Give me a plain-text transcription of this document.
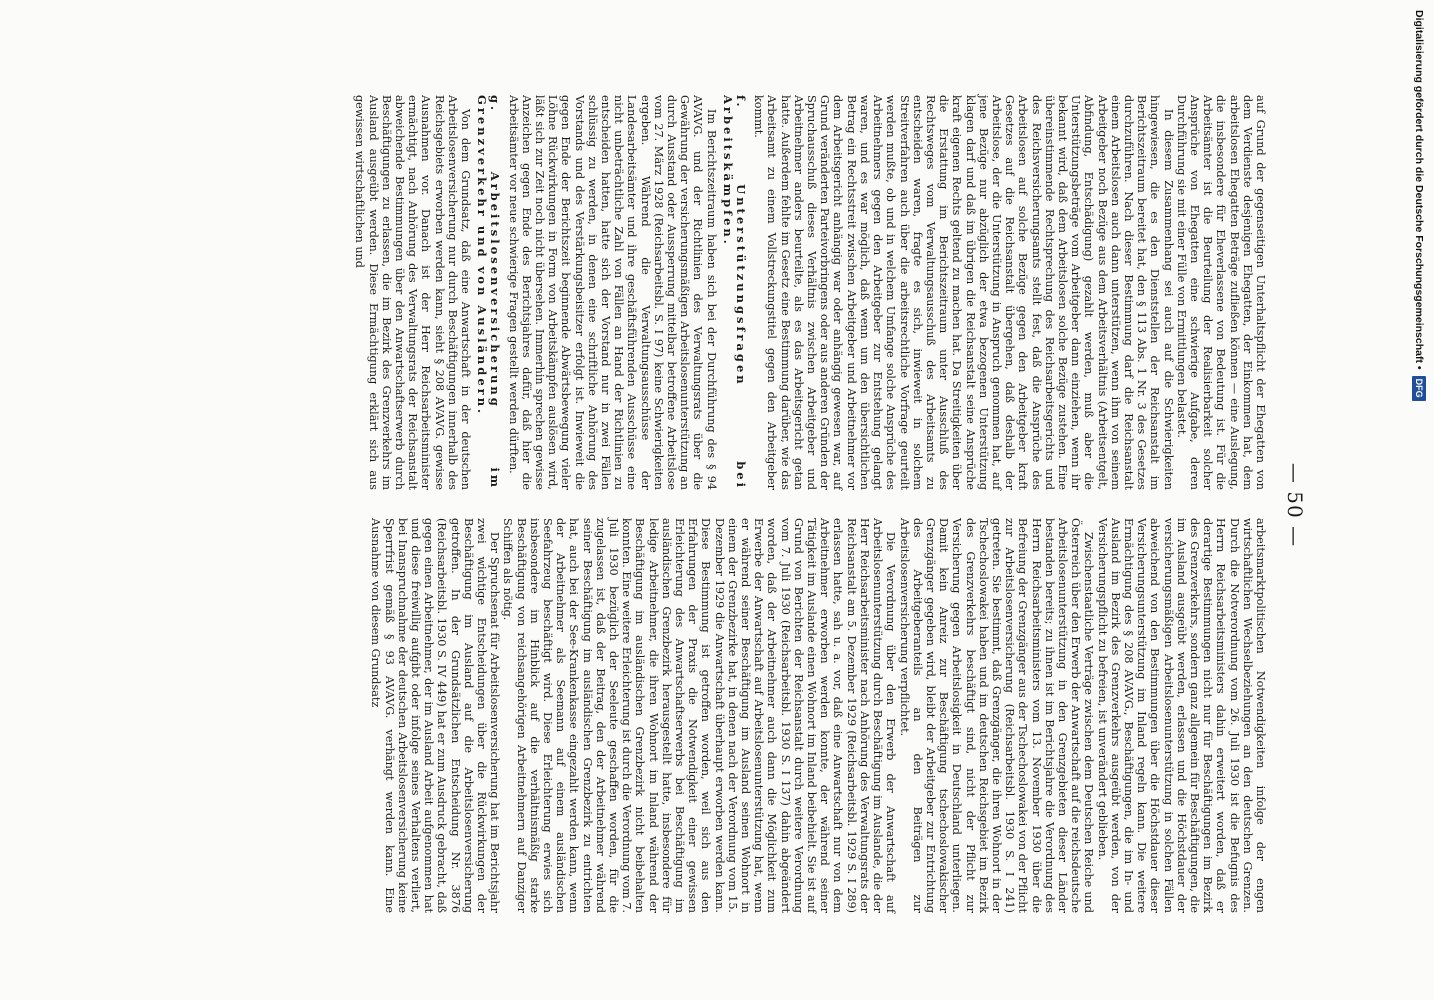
— 50 —

auf Grund der gegenseitigen Unterhaltspflicht der Ehegatten von dem Verdienste desjenigen Ehegatten, der Einkommen hat, dem arbeitslosen Ehegatten Beträge zufließen können — eine Auslegung, die insbesondere für Eheverlassene von Bedeutung ist. Für die Arbeitsämter ist die Beurteilung der Realisierbarkeit solcher Ansprüche von Ehegatten eine schwierige Aufgabe, deren Durchführung sie mit einer Fülle von Ermittlungen belastet.

In diesem Zusammenhang sei auch auf die Schwierigkeiten hingewiesen, die es den Dienststellen der Reichsanstalt im Berichtszeitraum bereitet hat, den § 113 Abs. 1 Nr. 3 des Gesetzes durchzuführen. Nach dieser Bestimmung darf die Reichsanstalt einem Arbeitslosen auch dann unterstützen, wenn ihm von seinem Arbeitgeber noch Bezüge aus dem Arbeitsverhältnis (Arbeitsentgelt, Abfindung, Entschädigung) gezahlt werden, muß aber die Unterstützungsbeträge vom Arbeitgeber dann einziehen, wenn ihr bekannt wird, daß dem Arbeitslosen solche Bezüge zustehen. Eine übereinstimmende Rechtsprechung des Reichsarbeitsgerichts und des Reichsversicherungsamts stellt fest, daß die Ansprüche des Arbeitslosen auf solche Bezüge gegen den Arbeitgeber kraft Gesetzes auf die Reichsanstalt übergehen, daß deshalb der Arbeitslose, der die Unterstützung in Anspruch genommen hat, auf jene Bezüge nur abzüglich der etwa bezogenen Unterstützung klagen darf und daß im übrigen die Reichsanstalt seine Ansprüche kraft eigenen Rechts geltend zu machen hat. Da Streitigkeiten über die Erstattung im Berichtszeitraum unter Ausschluß des Rechtsweges vom Verwaltungsausschuß des Arbeitsamts zu entscheiden waren, fragte es sich, inwieweit in solchem Streitverfahren auch über die arbeitsrechtliche Vorfrage geurteilt werden mußte, ob und in welchem Umfange solche Ansprüche des Arbeitnehmers gegen den Arbeitgeber zur Entstehung gelangt waren, und es war möglich, daß wenn um den übersichtlichen Betrag ein Rechtsstreit zwischen Arbeitgeber und Arbeitnehmer vor dem Arbeitsgericht anhängig war oder anhängig gewesen war, auf Grund veränderten Parteivorbringens oder aus anderen Gründen der Spruchausschuß dieses Verhältnis zwischen Arbeitgeber und Arbeitnehmer anders beurteilte, als es das Arbeitsgericht getan hatte. Außerdem fehlte im Gesetz eine Bestimmung darüber, wie das Arbeitsamt zu einem Vollstreckungstitel gegen den Arbeitgeber kommt.

f. Unterstützungsfragen bei Arbeitskämpfen.

Im Berichtszeitraum haben sich bei der Durchführung des § 94 AVAVG. und der Richtlinien des Verwaltungsrats über die Gewährung der versicherungsmäßigen Arbeitslosenunterstützung an durch Ausstand oder Aussperrung mittelbar betroffene Arbeitslose vom 27. März 1928 (Reichsarbeitsbl. S. I 97) keine Schwierigkeiten ergeben. Während die Verwaltungsausschüsse der Landesarbeitsämter und ihre geschäftsführenden Ausschüsse eine nicht unbeträchtliche Zahl von Fällen an Hand der Richtlinien zu entscheiden hatten, hatte sich der Vorstand nur in zwei Fällen schlüssig zu werden, in denen eine schriftliche Anhörung des Vorstands und des Verstärkungsbeisitzer erfolgt ist. Inwieweit die gegen Ende der Berichtszeit beginnende Abwärtsbewegung vieler Löhne Rückwirkungen in Form von Arbeitskämpfen auslösen wird, läßt sich zur Zeit noch nicht übersehen. Immerhin sprechen gewisse Anzeichen gegen Ende des Berichtsjahres dafür, daß hier die Arbeitsämter vor neue schwierige Fragen gestellt werden dürften.

g. Arbeitslosenversicherung im Grenzverkehr und von Ausländern.

Von dem Grundsatz, daß eine Anwartschaft in der deutschen Arbeitslosenversicherung nur durch Beschäftigungen innerhalb des Reichsgebiets erworben werden kann, sieht § 208 AVAVG. gewisse Ausnahmen vor. Danach ist der Herr Reichsarbeitsminister ermächtigt, nach Anhörung des Verwaltungsrats der Reichsanstalt abweichende Bestimmungen über den Anwartschaftserwerb durch Beschäftigungen zu erlassen, die im Bezirk des Grenzverkehrs im Ausland ausgeübt werden. Diese Ermächtigung erklärt sich aus gewissen wirtschaftlichen und

arbeitsmarktpolitischen Notwendigkeiten infolge der engen wirtschaftlichen Wechselbeziehungen an den deutschen Grenzen. Durch die Notverordnung vom 26. Juli 1930 ist die Befugnis des Herrn Reichsarbeitsministers dahin erweitert worden, daß er derartige Bestimmungen nicht nur für Beschäftigungen im Bezirk des Grenzverkehrs, sondern ganz allgemein für Beschäftigungen, die im Ausland ausgeübt werden, erlassen und die Höchstdauer der versicherungsmäßigen Arbeitslosenunterstützung in solchen Fällen abweichend von den Bestimmungen über die Höchstdauer dieser Versicherungsunterstützung im Inland regeln kann. Die weitere Ermächtigung des § 208 AVAVG., Beschäftigungen, die im In- und Ausland im Bezirk des Grenzverkehrs ausgeübt werden, von der Versicherungspflicht zu befreien, ist unverändert geblieben.

Zwischenstaatliche Verträge zwischen dem Deutschen Reiche und Österreich über den Erwerb der Anwartschaft auf die reichsdeutsche Arbeitslosenunterstützung in den Grenzgebieten dieser Länder bestanden bereits; zu ihnen ist im Berichtsjahre die Verordnung des Herrn Reichsarbeitsministers vom 13. November 1930 über die Befreiung der Grenzgänger aus der Tschechoslowakei von der Pflicht zur Arbeitslosenversicherung (Reichsarbeitsbl. 1930 S. I 241) getreten. Sie bestimmt, daß Grenzgänger, die ihren Wohnort in der Tschechoslowakei haben und im deutschen Reichsgebiet im Bezirk des Grenzverkehrs beschäftigt sind, nicht der Pflicht zur Versicherung gegen Arbeitslosigkeit in Deutschland unterliegen. Damit kein Anreiz zur Beschäftigung tschechoslowakischer Grenzgänger gegeben wird, bleibt der Arbeitgeber zur Entrichtung des Arbeitgeberanteils an den Beiträgen zur Arbeitslosenversicherung verpflichtet.

Die Verordnung über den Erwerb der Anwartschaft auf Arbeitslosenunterstützung durch Beschäftigung im Auslande, die der Herr Reichsarbeitsminister nach Anhörung des Verwaltungsrats der Reichsanstalt am 5. Dezember 1929 (Reichsarbeitsbl. 1929 S. I 289) erlassen hatte, sah u. a. vor, daß eine Anwartschaft nur von dem Arbeitnehmer erworben werden konnte, der während seiner Tätigkeit im Auslande einen Wohnort im Inland beibehielt. Sie ist auf Grund von Berichten der Reichsanstalt durch weitere Verordnung vom 7. Juli 1930 (Reichsarbeitsbl. 1930 S. I 137) dahin abgeändert worden, daß der Arbeitnehmer auch dann die Möglichkeit zum Erwerbe der Anwartschaft auf Arbeitslosenunterstützung hat, wenn er während seiner Beschäftigung im Ausland seinen Wohnort in einem der Grenzbezirke hat, in denen nach der Verordnung vom 15. Dezember 1929 die Anwartschaft überhaupt erworben werden kann. Diese Bestimmung ist getroffen worden, weil sich aus den Erfahrungen der Praxis die Notwendigkeit einer gewissen Erleichterung des Anwartschaftserwerbs bei Beschäftigung im ausländischen Grenzbezirk herausgestellt hatte, insbesondere für ledige Arbeitnehmer, die ihren Wohnort im Inland während der Beschäftigung im ausländischen Grenzbezirk nicht beibehalten konnten. Eine weitere Erleichterung ist durch die Verordnung vom 7. Juli 1930 bezüglich der Seeleute geschaffen worden, für die zugelassen ist, daß der Beitrag, den der Arbeitnehmer während seiner Beschäftigung im ausländischen Grenzbezirk zu entrichten hat, auch bei der See-Krankenkasse eingezahlt werden kann, wenn der Arbeitnehmer als Seemann auf einem ausländischen Seefahrzeug beschäftigt wird. Diese Erleichterung erwies sich insbesondere im Hinblick auf die verhältnismäßig starke Beschäftigung von reichsangehörigen Arbeitnehmern auf Danziger Schiffen als nötig.

Der Spruchsenat für Arbeitslosenversicherung hat im Berichtsjahr zwei wichtige Entscheidungen über die Rückwirkungen der Beschäftigung im Ausland auf die Arbeitslosenversicherung getroffen. In der Grundsätzlichen Entscheidung Nr. 3876 (Reichsarbeitsbl. 1930 S. IV 449) hat er zum Ausdruck gebracht, daß gegen einen Arbeitnehmer, der im Ausland Arbeit aufgenommen hat und diese freiwillig aufgibt oder infolge seines Verhaltens verliert, bei Inanspruchnahme der deutschen Arbeitslosenversicherung keine Sperrfrist gemäß § 93 AVAVG. verhängt werden kann. Eine Ausnahme von diesem Grundsatz

Digitalisierung gefördert durch die Deutsche Forschungsgemeinschaft •
DFG
